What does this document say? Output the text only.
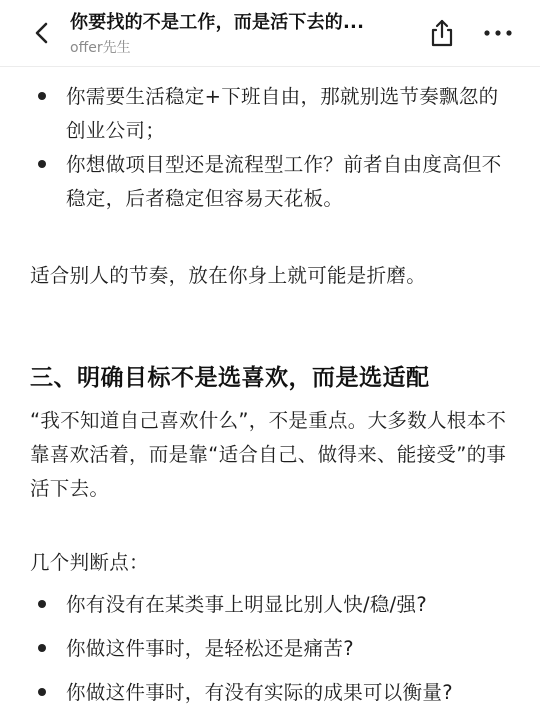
你要找的不是工作，而是活下去的...
offer先生
你需要生活稳定+下班自由，那就别选节奏飘忽的创业公司；
你想做项目型还是流程型工作？前者自由度高但不稳定，后者稳定但容易天花板。
适合别人的节奏，放在你身上就可能是折磨。
三、明确目标不是选喜欢，而是选适配
“我不知道自己喜欢什么”，不是重点。大多数人根本不靠喜欢活着，而是靠“适合自己、做得来、能接受”的事活下去。
几个判断点：
你有没有在某类事上明显比别人快/稳/强?
你做这件事时，是轻松还是痛苦?
你做这件事时，有没有实际的成果可以衡量?
